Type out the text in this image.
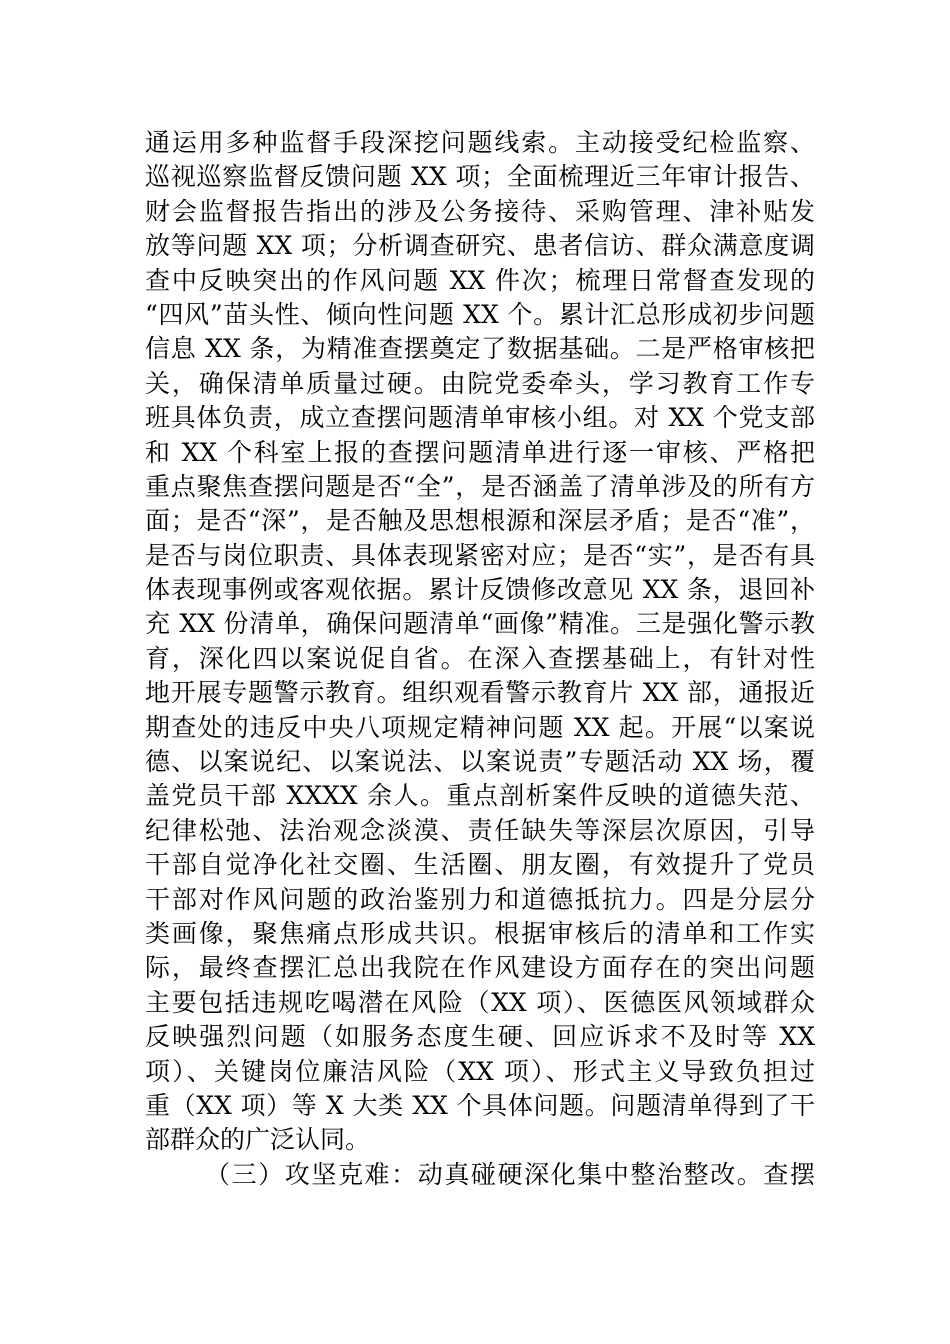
通运用多种监督手段深挖问题线索。主动接受纪检监察、
巡视巡察监督反馈问题 XX 项；全面梳理近三年审计报告、
财会监督报告指出的涉及公务接待、采购管理、津补贴发
放等问题 XX 项；分析调查研究、患者信访、群众满意度调
查中反映突出的作风问题 XX 件次；梳理日常督查发现的
“四风”苗头性、倾向性问题 XX 个。累计汇总形成初步问题
信息 XX 条，为精准查摆奠定了数据基础。二是严格审核把
关，确保清单质量过硬。由院党委牵头，学习教育工作专
班具体负责，成立查摆问题清单审核小组。对 XX 个党支部
和 XX 个科室上报的查摆问题清单进行逐一审核、严格把
重点聚焦查摆问题是否“全”，是否涵盖了清单涉及的所有方
面；是否“深”，是否触及思想根源和深层矛盾；是否“准”，
是否与岗位职责、具体表现紧密对应；是否“实”，是否有具
体表现事例或客观依据。累计反馈修改意见 XX 条，退回补
充 XX 份清单，确保问题清单“画像”精准。三是强化警示教
育，深化四以案说促自省。在深入查摆基础上，有针对性
地开展专题警示教育。组织观看警示教育片 XX 部，通报近
期查处的违反中央八项规定精神问题 XX 起。开展“以案说
德、以案说纪、以案说法、以案说责”专题活动 XX 场，覆
盖党员干部 XXXX 余人。重点剖析案件反映的道德失范、
纪律松弛、法治观念淡漠、责任缺失等深层次原因，引导
干部自觉净化社交圈、生活圈、朋友圈，有效提升了党员
干部对作风问题的政治鉴别力和道德抵抗力。四是分层分
类画像，聚焦痛点形成共识。根据审核后的清单和工作实
际，最终查摆汇总出我院在作风建设方面存在的突出问题
主要包括违规吃喝潜在风险（XX 项）、医德医风领域群众
反映强烈问题（如服务态度生硬、回应诉求不及时等 XX
项）、关键岗位廉洁风险（XX 项）、形式主义导致负担过
重（XX 项）等 X 大类 XX 个具体问题。问题清单得到了干
部群众的广泛认同。
（三）攻坚克难：动真碰硬深化集中整治整改。查摆
